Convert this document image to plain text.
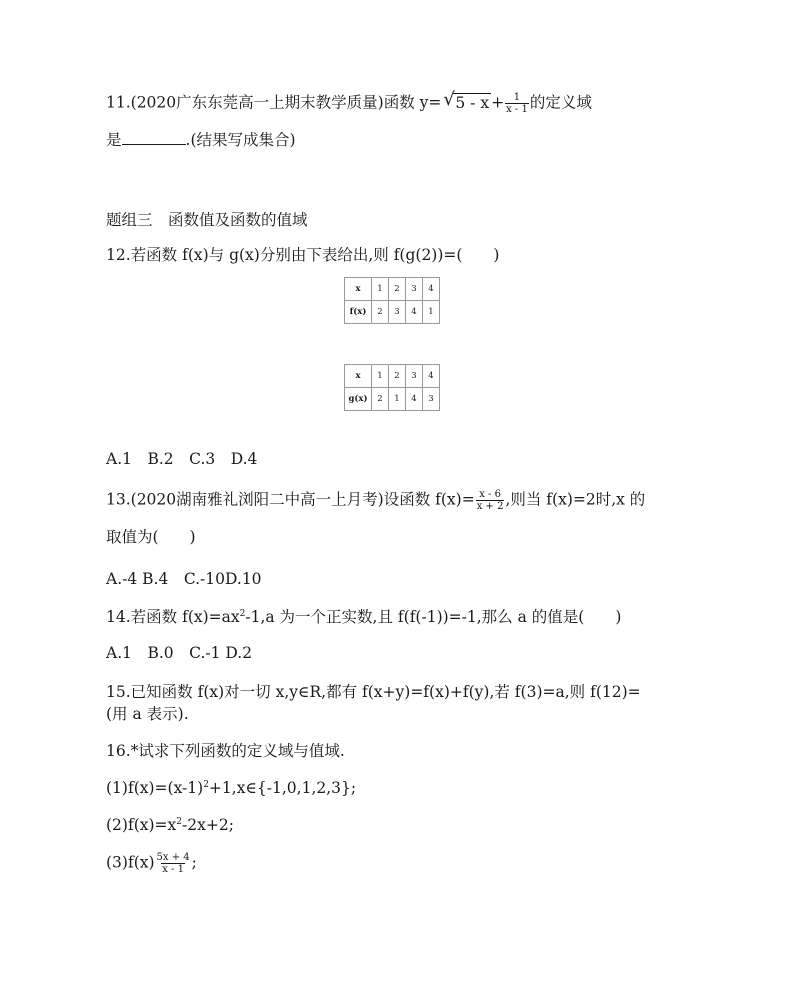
11.(2020广东东莞高一上期末教学质量)函数 y= √ $5 - x + \frac{1}{x - 1}$ 的定义域
是	.(结果写成集合)
题组三　函数值及函数的值域
12.若函数 f(x)与 g(x)分别由下表给出,则 f(g(2))=(　　)
x	1	2	3	4
f(x)	2	3	4	1
x	1	2	3	4
g(x)	2	1	4	3
A.1　B.2　C.3　D.4
13.(2020湖南雅礼浏阳二中高一上月考)设函数 $f(x)= \frac{x - 6}{x + 2}$ ,则当 f(x)=2时,x 的
取值为(　　)
A.-4 B.4　C.-10D.10
14.若函数 $f(x)=ax^2-1,a$ 为一个正实数,且 f(f(-1))=-1,那么 a 的值是(　　)
A.1　B.0　C.-1 D.2
15.已知函数 f(x)对一切 x,y∈R,都有 f(x+y)=f(x)+f(y),若 f(3)=a,则 f(12)=
(用 a 表示).
16.*试求下列函数的定义域与值域.
$(1)f(x)=(x-1)^2+1,x\in\{-1,0,1,2,3\}$;
$(2)f(x)=x^2-2x+2$;
$(3)f(x) \frac{5x + 4}{x - 1}$ ;
